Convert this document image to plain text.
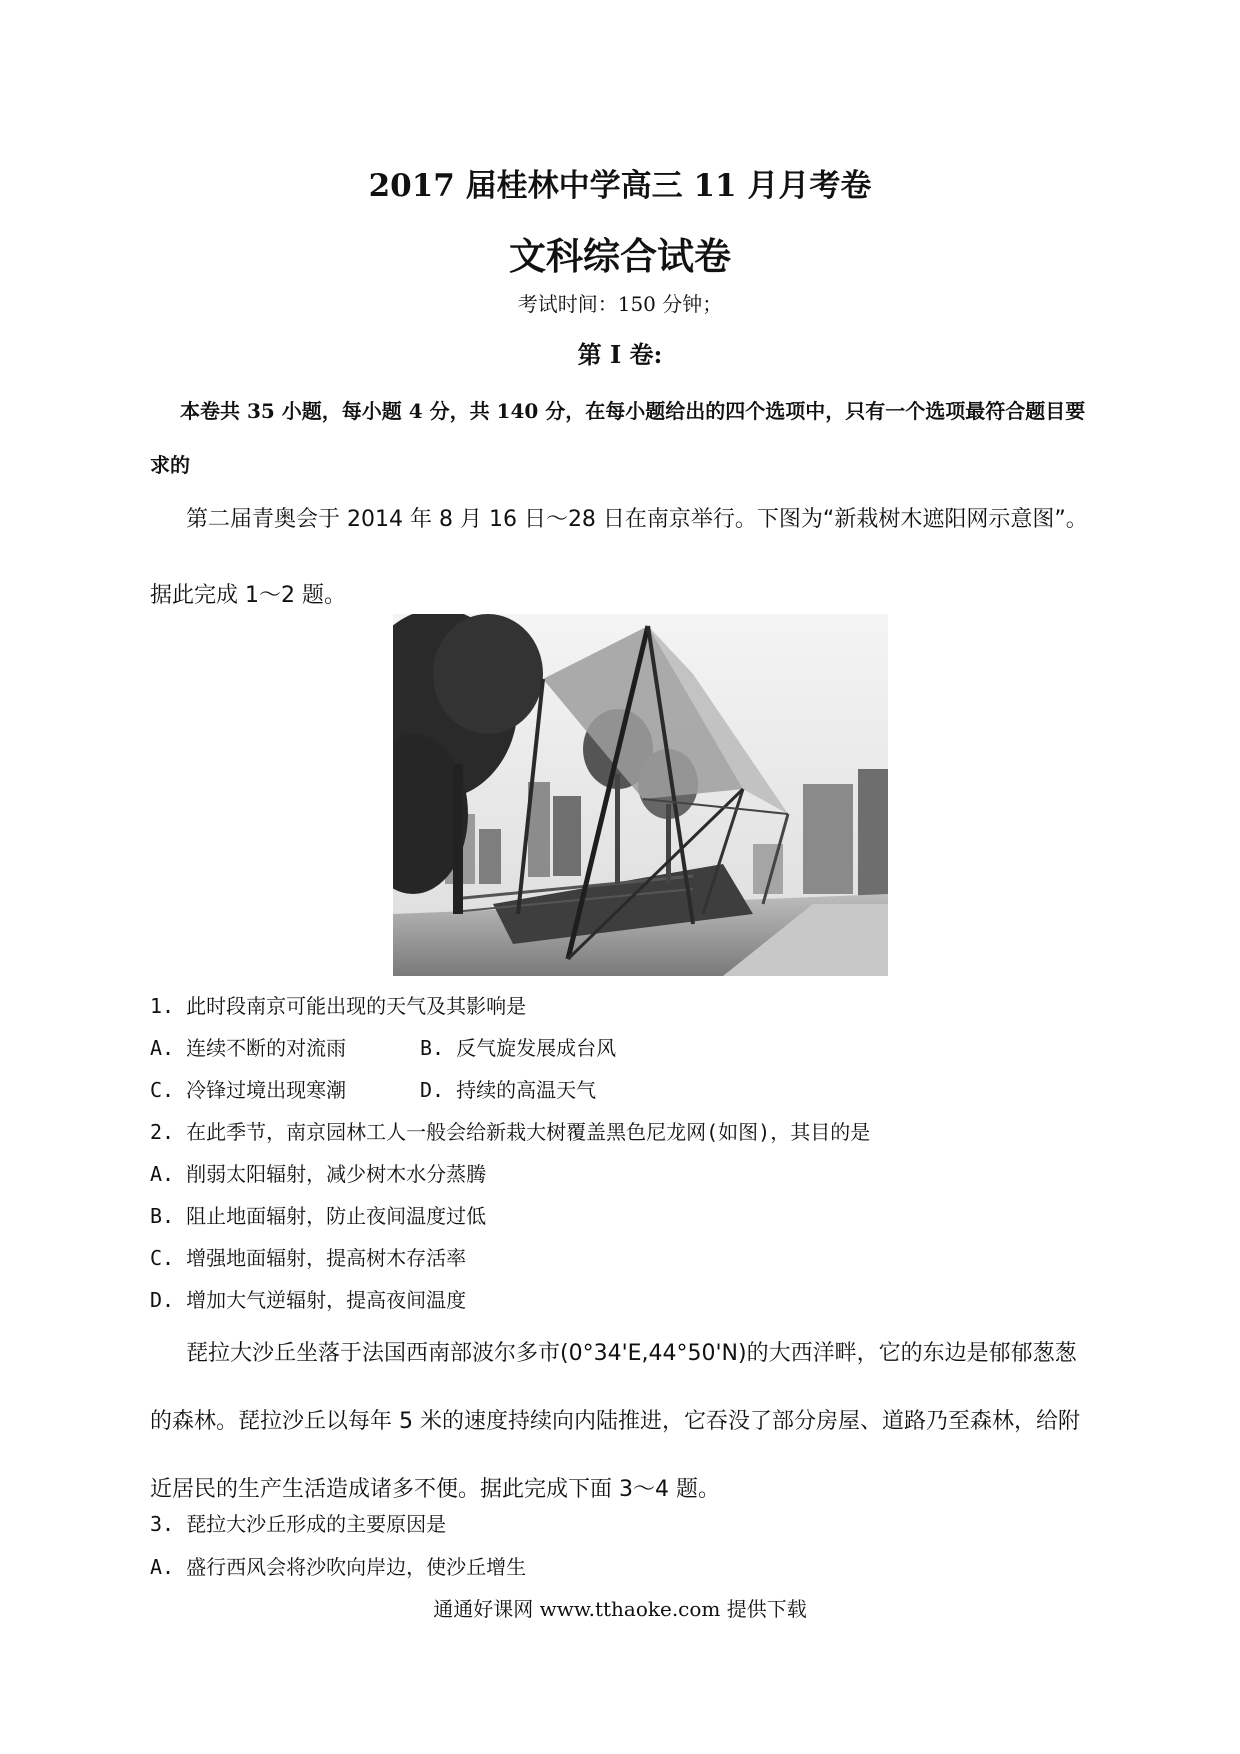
2017 届桂林中学高三 11 月月考卷
文科综合试卷
考试时间：150 分钟；
第 I 卷:
本卷共 35 小题，每小题 4 分，共 140 分，在每小题给出的四个选项中，只有一个选项最符合题目要求的
第二届青奥会于 2014 年 8 月 16 日～28 日在南京举行。下图为“新栽树木遮阳网示意图”。据此完成 1～2 题。
1. 此时段南京可能出现的天气及其影响是
A. 连续不断的对流雨	B. 反气旋发展成台风
C. 冷锋过境出现寒潮	D. 持续的高温天气
2. 在此季节，南京园林工人一般会给新栽大树覆盖黑色尼龙网(如图)，其目的是
A. 削弱太阳辐射，减少树木水分蒸腾
B. 阻止地面辐射，防止夜间温度过低
C. 增强地面辐射，提高树木存活率
D. 增加大气逆辐射，提高夜间温度
琵拉大沙丘坐落于法国西南部波尔多市(0°34'E,44°50'N)的大西洋畔，它的东边是郁郁葱葱的森林。琵拉沙丘以每年 5 米的速度持续向内陆推进，它吞没了部分房屋、道路乃至森林，给附近居民的生产生活造成诸多不便。据此完成下面 3～4 题。
3. 琵拉大沙丘形成的主要原因是
A. 盛行西风会将沙吹向岸边，使沙丘增生
通通好课网 www.tthaoke.com 提供下载
